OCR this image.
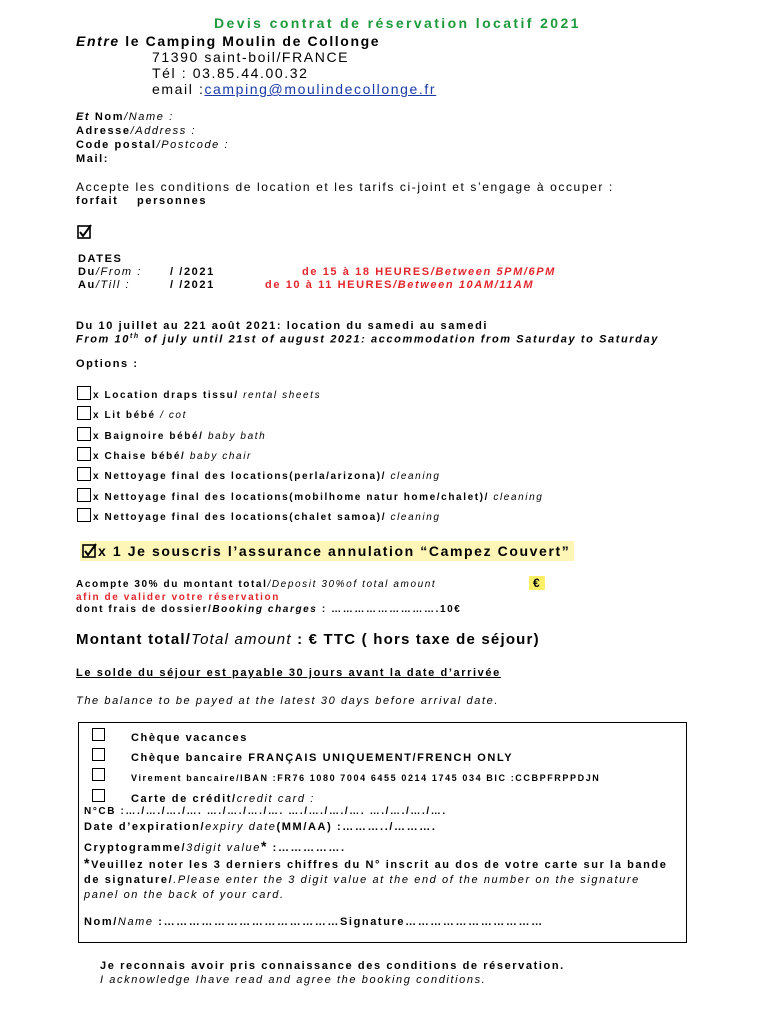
Devis contrat de réservation locatif 2021
Entre le Camping Moulin de Collonge
71390 saint-boil/FRANCE
Tél : 03.85.44.00.32
email :camping@moulindecollonge.fr
Et Nom/Name :
Adresse/Address :
Code postal/Postcode :
Mail:
Accepte les conditions de location et les tarifs ci-joint et s’engage à occuper :
forfait personnes
DATES
Du/From :	/ /2021	de 15 à 18 HEURES/Between 5PM/6PM
Au/Till :	/ /2021	de 10 à 11 HEURES/Between 10AM/11AM
Du 10 juillet au 221 août 2021: location du samedi au samedi
From 10th of july until 21st of august 2021: accommodation from Saturday to Saturday
Options :
x Location draps tissu/ rental sheets
x Lit bébé / cot
x Baignoire bébé/ baby bath
x Chaise bébé/ baby chair
x Nettoyage final des locations(perla/arizona)/ cleaning
x Nettoyage final des locations(mobilhome natur home/chalet)/ cleaning
x Nettoyage final des locations(chalet samoa)/ cleaning
x 1 Je souscris l’assurance annulation “Campez Couvert”
Acompte 30% du montant total/Deposit 30%of total amount	€
afin de valider votre réservation
dont frais de dossier/Booking charges : ……………………….10€
Montant total/Total amount : € TTC ( hors taxe de séjour)
Le solde du séjour est payable 30 jours avant la date d’arrivée
The balance to be payed at the latest 30 days before arrival date.
Chèque vacances
Chèque bancaire FRANÇAIS UNIQUEMENT/FRENCH ONLY
Virement bancaire/IBAN :FR76 1080 7004 6455 0214 1745 034 BIC :CCBPFRPPDJN
Carte de crédit/credit card :
N°CB :…./…./…./…. …./…./…./…. …./…./…./…. …./…./…./….
Date d’expiration/expiry date(MM/AA) :………../……….
Cryptogramme/3digit value* :…………….
*Veuillez noter les 3 derniers chiffres du N° inscrit au dos de votre carte sur la bande de signature/.Please enter the 3 digit value at the end of the number on the signature panel on the back of your card.
Nom/Name :……………………………………Signature……………………………
Je reconnais avoir pris connaissance des conditions de réservation.
I acknowledge Ihave read and agree the booking conditions.
